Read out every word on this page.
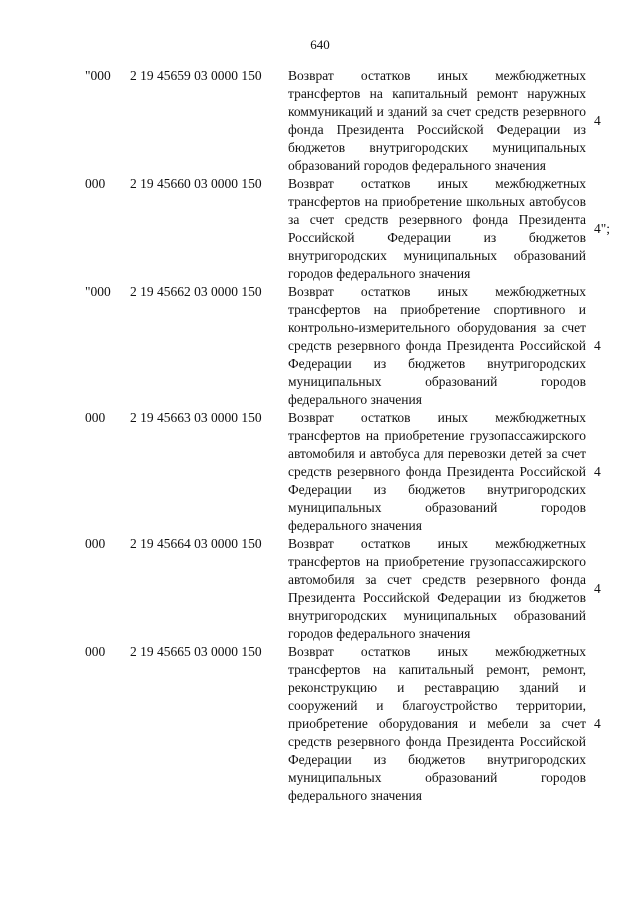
640
"000 2 19 45659 03 0000 150 Возврат остатков иных межбюджетных трансфертов на капитальный ремонт наружных коммуникаций и зданий за счет средств резервного фонда Президента Российской Федерации из бюджетов внутригородских муниципальных образований городов федерального значения
4
000 2 19 45660 03 0000 150 Возврат остатков иных межбюджетных трансфертов на приобретение школьных автобусов за счет средств резервного фонда Президента Российской Федерации из бюджетов внутригородских муниципальных образований городов федерального значения
4";
"000 2 19 45662 03 0000 150 Возврат остатков иных межбюджетных трансфертов на приобретение спортивного и контрольно-измерительного оборудования за счет средств резервного фонда Президента Российской Федерации из бюджетов внутригородских муниципальных образований городов федерального значения
4
000 2 19 45663 03 0000 150 Возврат остатков иных межбюджетных трансфертов на приобретение грузопассажирского автомобиля и автобуса для перевозки детей за счет средств резервного фонда Президента Российской Федерации из бюджетов внутригородских муниципальных образований городов федерального значения
4
000 2 19 45664 03 0000 150 Возврат остатков иных межбюджетных трансфертов на приобретение грузопассажирского автомобиля за счет средств резервного фонда Президента Российской Федерации из бюджетов внутригородских муниципальных образований городов федерального значения
4
000 2 19 45665 03 0000 150 Возврат остатков иных межбюджетных трансфертов на капитальный ремонт, ремонт, реконструкцию и реставрацию зданий и сооружений и благоустройство территории, приобретение оборудования и мебели за счет средств резервного фонда Президента Российской Федерации из бюджетов внутригородских муниципальных образований городов федерального значения
4
